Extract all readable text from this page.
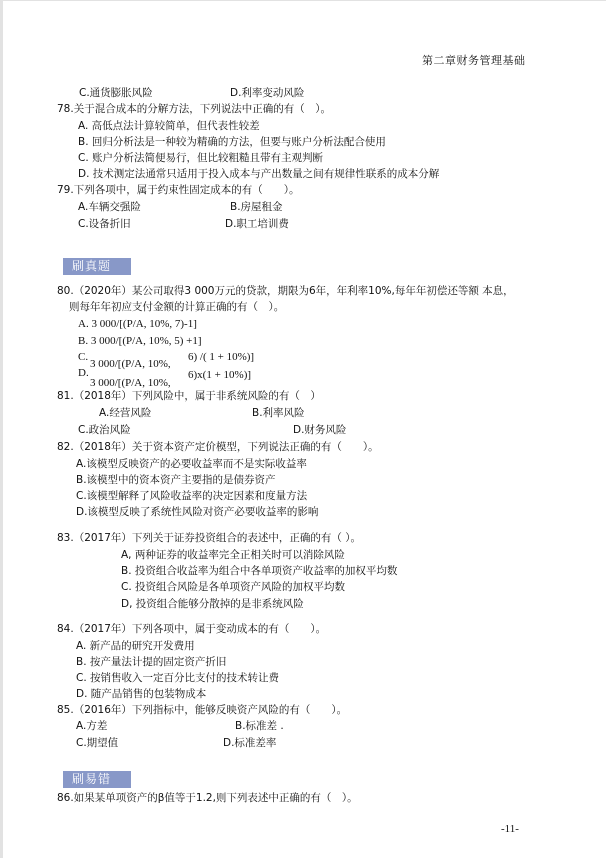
第二章财务管理基础
C.通货膨胀风险	D.利率变动风险
78.关于混合成本的分解方法，下列说法中正确的有（　）。
A. 高低点法计算较简单，但代表性较差
B. 回归分析法是一种较为精确的方法，但要与账户分析法配合使用
C. 账户分析法简便易行，但比较粗糙且带有主观判断
D. 技术测定法通常只适用于投入成本与产出数量之间有规律性联系的成本分解
79.下列各项中，属于约束性固定成本的有（　　）。
A.车辆交强险	B.房屋租金
C.设备折旧	D.职工培训费
刷真题
80.（2020年）某公司取得3 000万元的贷款，期限为6年，年利率10%,每年年初偿还等额 本息，
则每年年初应支付金额的计算正确的有（　）。
A. 3 000/[(P/A, 10%, 7)-1]
B. 3 000/[(P/A, 10%, 5) +1]
C.
3 000/[(P/A, 10%,
6) /( 1 + 10%)]
D.
3 000/[(P/A, 10%,
6)x(1 + 10%)]
81.（2018年）下列风险中，属于非系统风险的有（　）
A.经营风险	B.利率风险
C.政治风险	D.财务风险
82.（2018年）关于资本资产定价模型，下列说法正确的有（　　）。
A.该模型反映资产的必要收益率而不是实际收益率
B.该模型中的资本资产主要指的是债券资产
C.该模型解释了风险收益率的决定因素和度量方法
D.该模型反映了系统性风险对资产必要收益率的影响
83.（2017年）下列关于证券投资组合的表述中，正确的有（ ）。
A, 两种证券的收益率完全正相关时可以消除风险
B. 投资组合收益率为组合中各单项资产收益率的加权平均数
C. 投资组合风险是各单项资产风险的加权平均数
D, 投资组合能够分散掉的是非系统风险
84.（2017年）下列各项中，属于变动成本的有（　　）。
A. 新产品的研究开发费用
B. 按产量法计提的固定资产折旧
C. 按销售收入一定百分比支付的技术转让费
D. 随产品销售的包装物成本
85.（2016年）下列指标中，能够反映资产风险的有（　　）。
A.方差	B.标准差 .
C.期望值	D.标准差率
刷易错
86.如果某单项资产的β值等于1.2,则下列表述中正确的有（　）。
-11-
